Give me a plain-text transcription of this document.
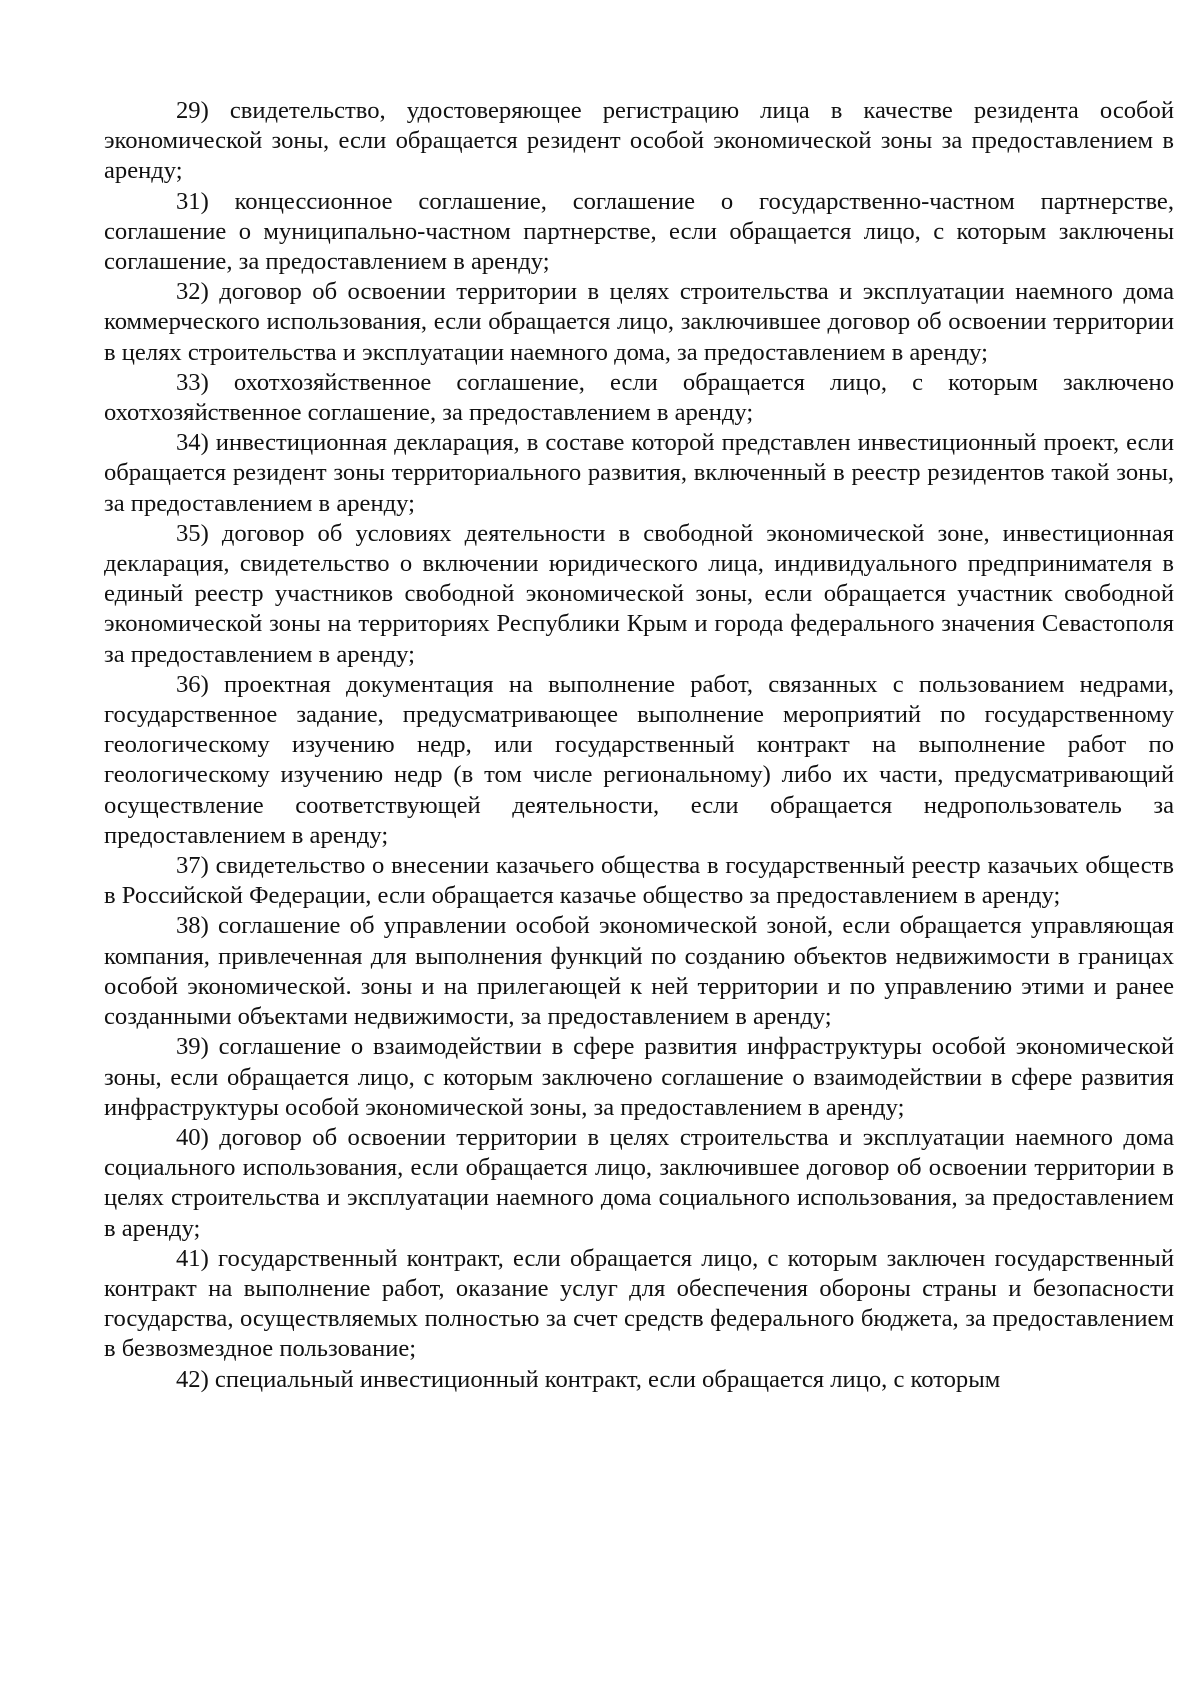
29) свидетельство, удостоверяющее регистрацию лица в качестве резидента особой экономической зоны, если обращается резидент особой экономической зоны за предоставлением в аренду;

31) концессионное соглашение, соглашение о государственно-частном партнерстве, соглашение о муниципально-частном партнерстве, если обращается лицо, с которым заключены соглашение, за предоставлением в аренду;

32) договор об освоении территории в целях строительства и эксплуатации наемного дома коммерческого использования, если обращается лицо, заключившее договор об освоении территории в целях строительства и эксплуатации наемного дома, за предоставлением в аренду;

33) охотхозяйственное соглашение, если обращается лицо, с которым заключено охотхозяйственное соглашение, за предоставлением в аренду;

34) инвестиционная декларация, в составе которой представлен инвестиционный проект, если обращается резидент зоны территориального развития, включенный в реестр резидентов такой зоны, за предоставлением в аренду;

35) договор об условиях деятельности в свободной экономической зоне, инвестиционная декларация, свидетельство о включении юридического лица, индивидуального предпринимателя в единый реестр участников свободной экономической зоны, если обращается участник свободной экономической зоны на территориях Республики Крым и города федерального значения Севастополя за предоставлением в аренду;

36) проектная документация на выполнение работ, связанных с пользованием недрами, государственное задание, предусматривающее выполнение мероприятий по государственному геологическому изучению недр, или государственный контракт на выполнение работ по геологическому изучению недр (в том числе региональному) либо их части, предусматривающий осуществление соответствующей деятельности, если обращается недропользователь за предоставлением в аренду;

37) свидетельство о внесении казачьего общества в государственный реестр казачьих обществ в Российской Федерации, если обращается казачье общество за предоставлением в аренду;

38) соглашение об управлении особой экономической зоной, если обращается управляющая компания, привлеченная для выполнения функций по созданию объектов недвижимости в границах особой экономической. зоны и на прилегающей к ней территории и по управлению этими и ранее созданными объектами недвижимости, за предоставлением в аренду;

39) соглашение о взаимодействии в сфере развития инфраструктуры особой экономической зоны, если обращается лицо, с которым заключено соглашение о взаимодействии в сфере развития инфраструктуры особой экономической зоны, за предоставлением в аренду;

40) договор об освоении территории в целях строительства и эксплуатации наемного дома социального использования, если обращается лицо, заключившее договор об освоении территории в целях строительства и эксплуатации наемного дома социального использования, за предоставлением в аренду;

41) государственный контракт, если обращается лицо, с которым заключен государственный контракт на выполнение работ, оказание услуг для обеспечения обороны страны и безопасности государства, осуществляемых полностью за счет средств федерального бюджета, за предоставлением в безвозмездное пользование;

42) специальный инвестиционный контракт, если обращается лицо, с которым
